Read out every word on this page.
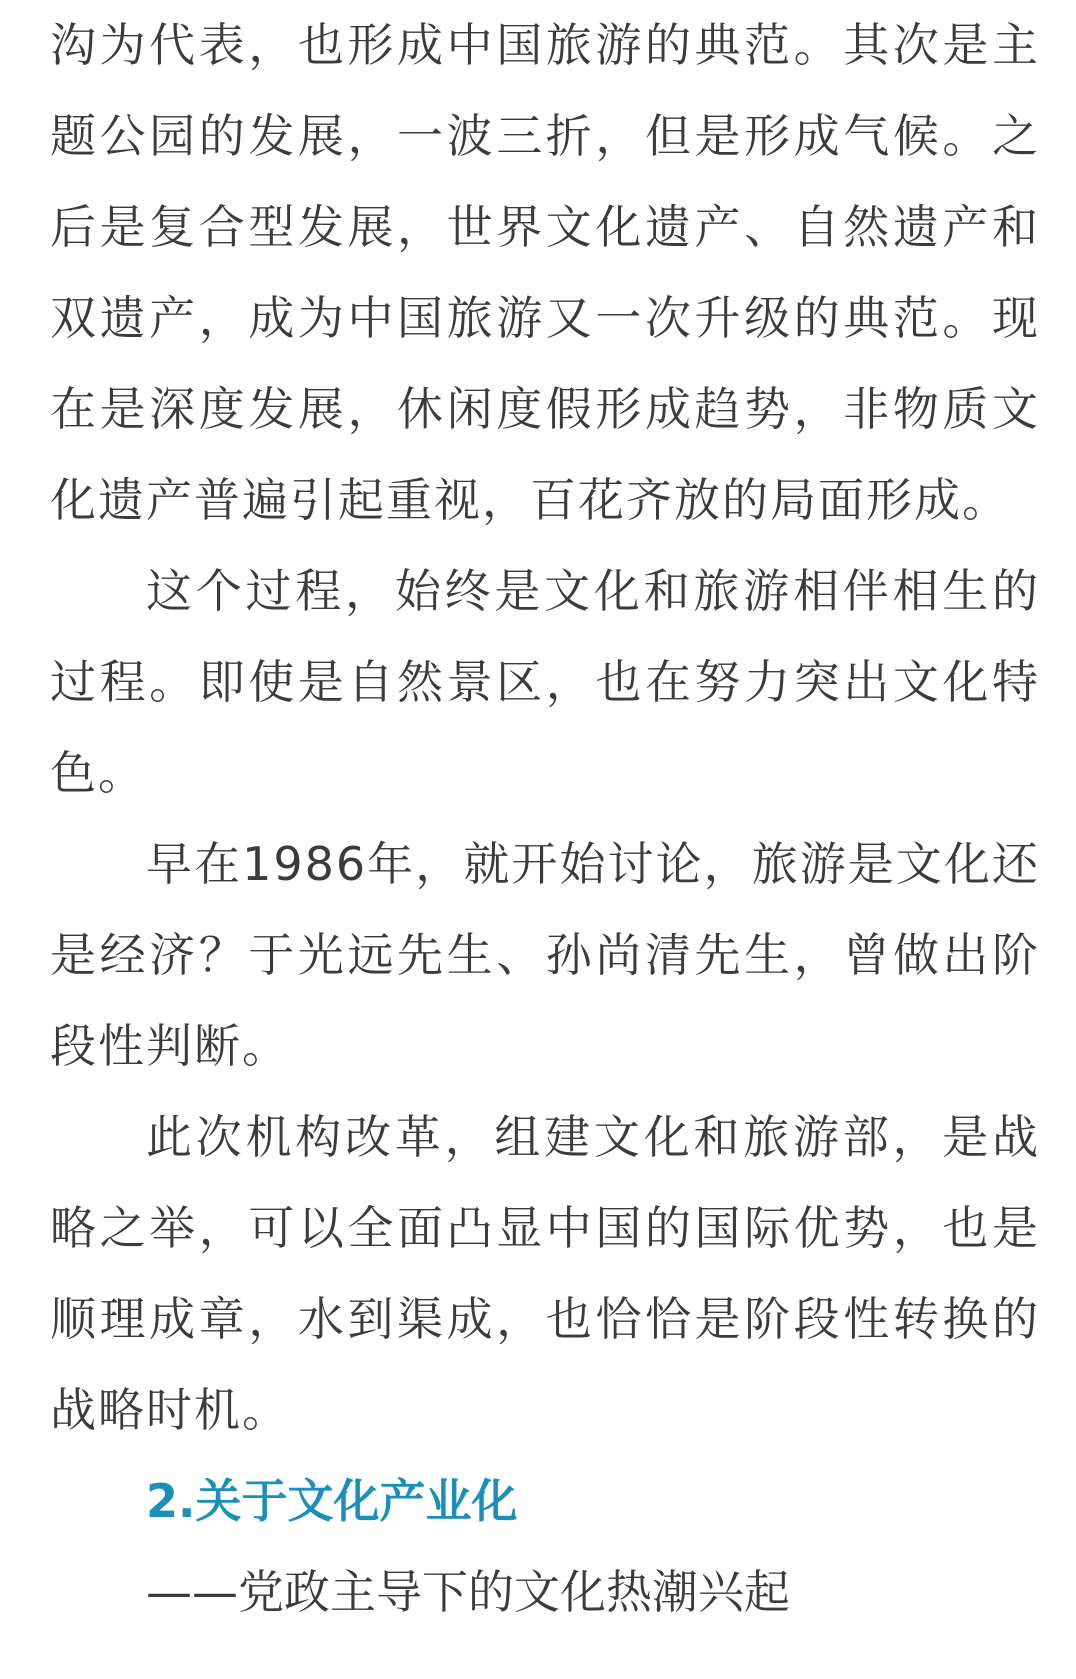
沟为代表，也形成中国旅游的典范。其次是主题公园的发展，一波三折，但是形成气候。之后是复合型发展，世界文化遗产、自然遗产和双遗产，成为中国旅游又一次升级的典范。现在是深度发展，休闲度假形成趋势，非物质文化遗产普遍引起重视，百花齐放的局面形成。

这个过程，始终是文化和旅游相伴相生的过程。即使是自然景区，也在努力突出文化特色。

早在1986年，就开始讨论，旅游是文化还是经济？于光远先生、孙尚清先生，曾做出阶段性判断。

此次机构改革，组建文化和旅游部，是战略之举，可以全面凸显中国的国际优势，也是顺理成章，水到渠成，也恰恰是阶段性转换的战略时机。

2.关于文化产业化

——党政主导下的文化热潮兴起
